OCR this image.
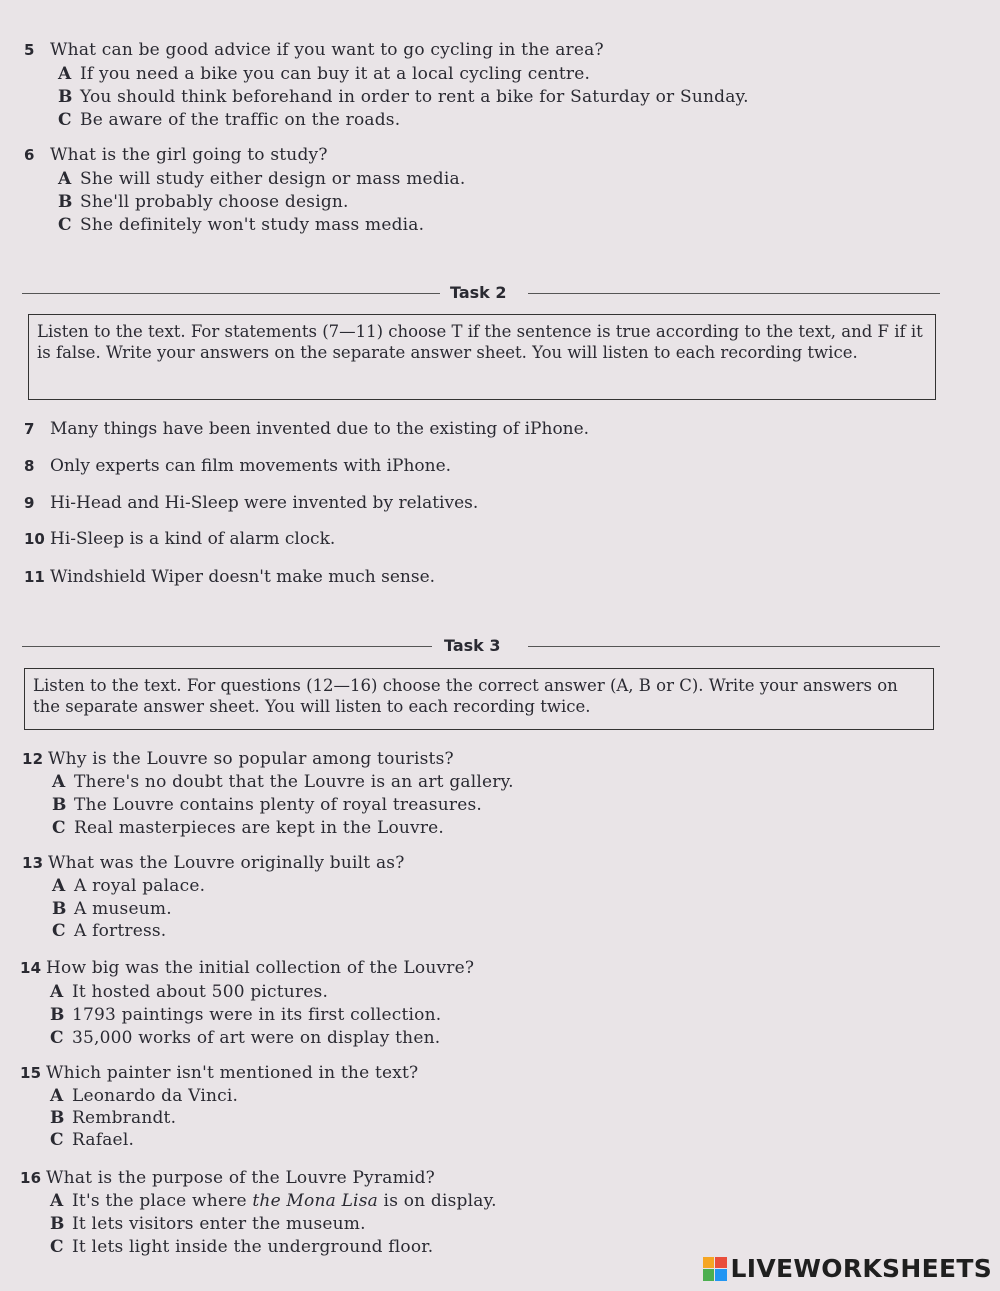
5 What can be good advice if you want to go cycling in the area?
A If you need a bike you can buy it at a local cycling centre.
B You should think beforehand in order to rent a bike for Saturday or Sunday.
C Be aware of the traffic on the roads.
6 What is the girl going to study?
A She will study either design or mass media.
B She'll probably choose design.
C She definitely won't study mass media.
Task 2
Listen to the text. For statements (7—11) choose T if the sentence is true according to the text, and F if it is false. Write your answers on the separate answer sheet. You will listen to each recording twice.
7 Many things have been invented due to the existing of iPhone.
8 Only experts can film movements with iPhone.
9 Hi-Head and Hi-Sleep were invented by relatives.
10 Hi-Sleep is a kind of alarm clock.
11 Windshield Wiper doesn't make much sense.
Task 3
Listen to the text. For questions (12—16) choose the correct answer (A, B or C). Write your answers on the separate answer sheet. You will listen to each recording twice.
12 Why is the Louvre so popular among tourists?
A There's no doubt that the Louvre is an art gallery.
B The Louvre contains plenty of royal treasures.
C Real masterpieces are kept in the Louvre.
13 What was the Louvre originally built as?
A A royal palace.
B A museum.
C A fortress.
14 How big was the initial collection of the Louvre?
A It hosted about 500 pictures.
B 1793 paintings were in its first collection.
C 35,000 works of art were on display then.
15 Which painter isn't mentioned in the text?
A Leonardo da Vinci.
B Rembrandt.
C Rafael.
16 What is the purpose of the Louvre Pyramid?
A It's the place where the Mona Lisa is on display.
B It lets visitors enter the museum.
C It lets light inside the underground floor.
LIVEWORKSHEETS
